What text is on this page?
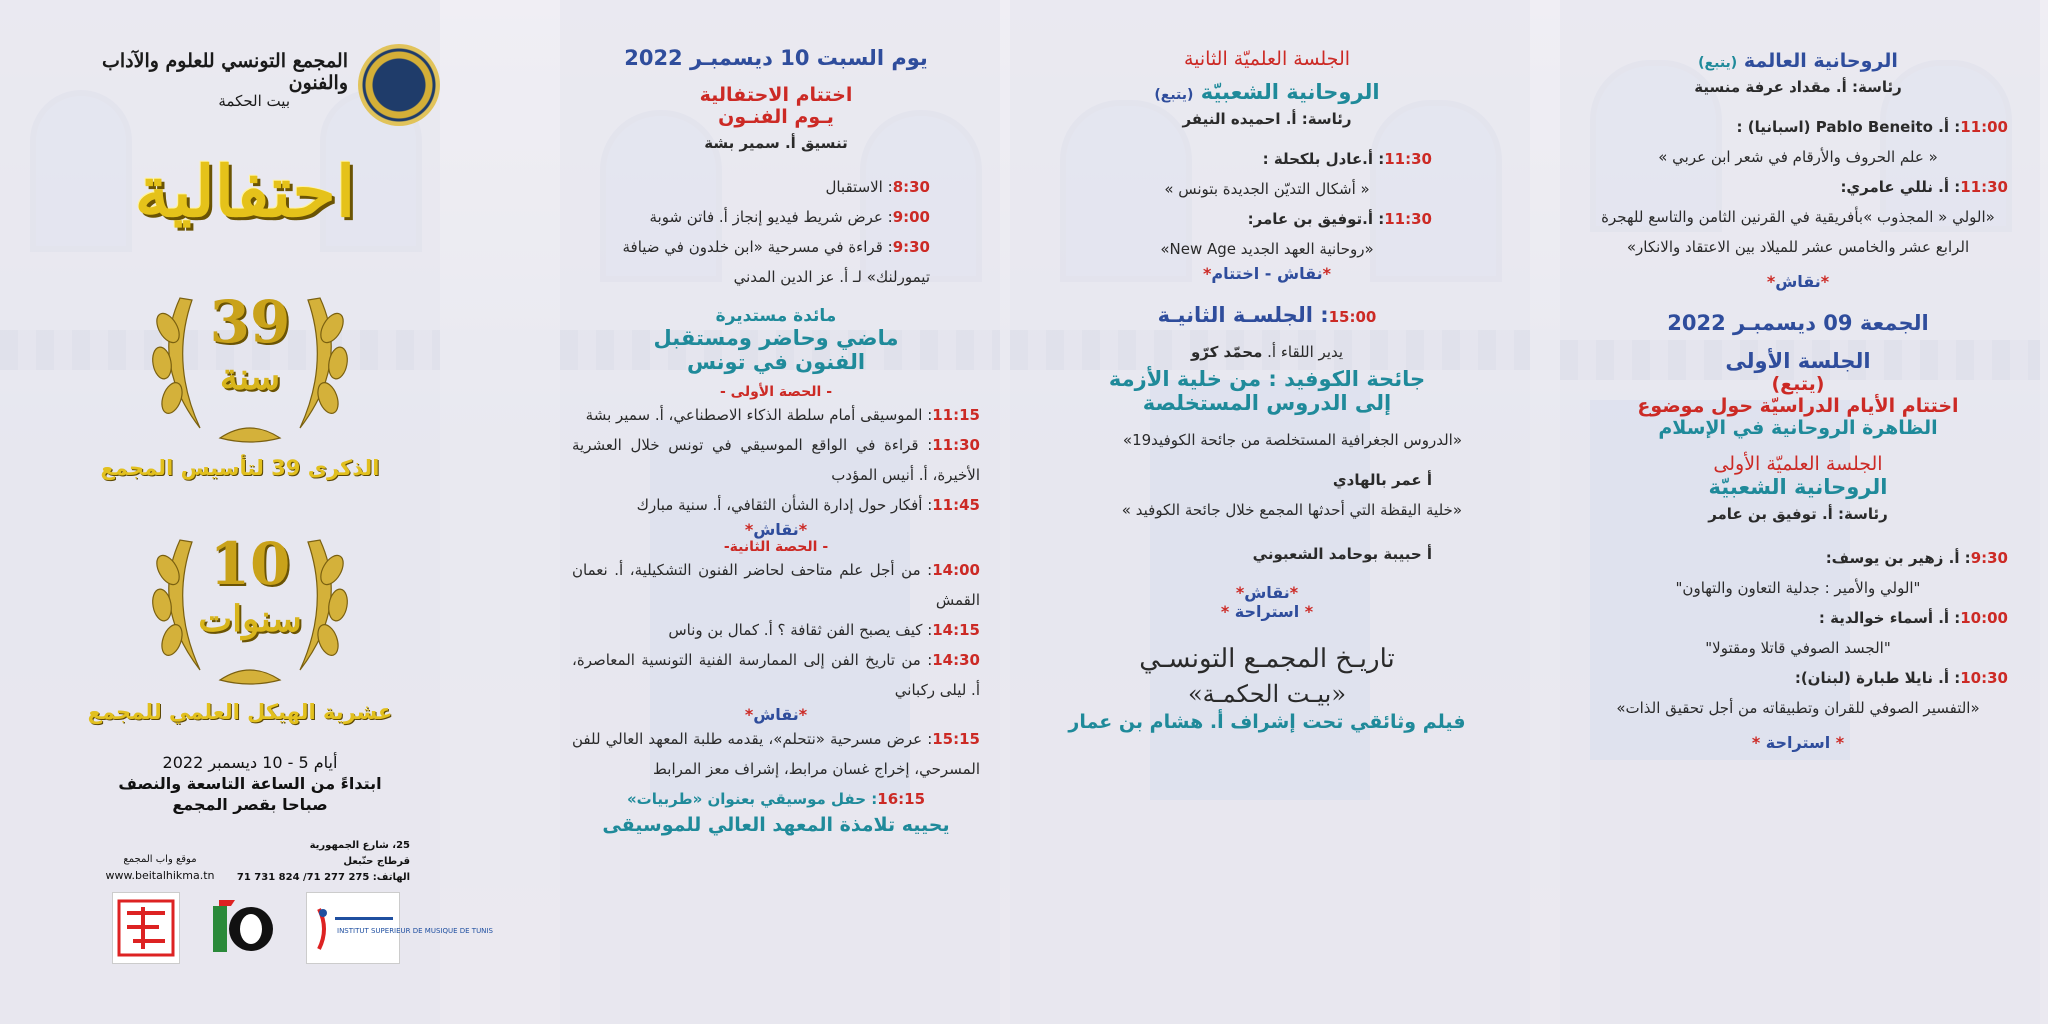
الروحانية العالمة (يتبع)
رئاسة: أ. مقداد عرفة منسية
11:00: أ. Pablo Beneito (اسبانيا) :
« علم الحروف والأرقام في شعر ابن عربي »
11:30: أ. نللي عامري:
«الولي « المجذوب »بأفريقية في القرنين الثامن والتاسع للهجرة الرابع عشر والخامس عشر للميلاد بين الاعتقاد والانكار»
*نقاش*
الجمعة 09 ديسمبـر 2022
الجلسة الأولى
(يتبع)
اختتام الأيام الدراسيّة حول موضوع
الظاهرة الروحانية في الإسلام
الجلسة العلميّة الأولى
الروحانية الشعبيّة
رئاسة: أ. توفيق بن عامر
9:30: أ. زهير بن يوسف:
"الولي والأمير : جدلية التعاون والتهاون"
10:00: أ. أسماء خوالدية :
"الجسد الصوفي قاتلا ومقتولا"
10:30: أ. نايلا طبارة (لبنان):
«التفسير الصوفي للقران وتطبيقاته من أجل تحقيق الذات»
* استراحة *
الجلسة العلميّة الثانية
الروحانية الشعبيّة (يتبع)
رئاسة: أ. احميده النيفر
11:30: أ.عادل بلكحلة :
« أشكال التديّن الجديدة بتونس »
11:30: أ.توفيق بن عامر:
«روحانية العهد الجديد New Age»
*نقاش - اختتام*
15:00: الجلسـة الثانيـة
يدير اللقاء أ. محمّد كرّو
جائحة الكوفيد : من خلية الأزمة
إلى الدروس المستخلصة
«الدروس الجغرافية المستخلصة من جائحة الكوفيد19»
أ عمر بالهادي
«خلية اليقظة التي أحدثها المجمع خلال جائحة الكوفيد »
أ حبيبة بوحامد الشعبوني
*نقاش*
* استراحة *
تاريـخ المجمـع التونسـي
«بيـت الحكمـة»
فيلم وثائقي تحت إشراف أ. هشام بن عمار
يوم السبت 10 ديسمبـر 2022
اختتام الاحتفالية
يـوم الفنـون
تنسيق أ. سمير بشة
8:30: الاستقبال
9:00: عرض شريط فيديو إنجاز أ. فاتن شوبة
9:30: قراءة في مسرحية «ابن خلدون في ضيافة تيمورلنك» لـ أ. عز الدين المدني
مائدة مستديرة
ماضي وحاضر ومستقبل
الفنون في تونس
- الحصة الأولى -
11:15: الموسيقى أمام سلطة الذكاء الاصطناعي، أ. سمير بشة
11:30: قراءة في الواقع الموسيقي في تونس خلال العشرية الأخيرة، أ. أنيس المؤدب
11:45: أفكار حول إدارة الشأن الثقافي، أ. سنية مبارك
*نقاش*
- الحصة الثانية-
14:00: من أجل علم متاحف لحاضر الفنون التشكيلية، أ. نعمان القمش
14:15: كيف يصبح الفن ثقافة ؟ أ. كمال بن وناس
14:30: من تاريخ الفن إلى الممارسة الفنية التونسية المعاصرة، أ. ليلى ركباني
*نقاش*
15:15: عرض مسرحية «نتحلم»، يقدمه طلبة المعهد العالي للفن المسرحي، إخراج غسان مرابط، إشراف معز المرابط
16:15: حفل موسيقي بعنوان «طربيات»
يحييه تلامذة المعهد العالي للموسيقى
المجمع التونسي للعلوم والآداب والفنون
بيت الحكمة
احتفالية
39
سنة
الذكرى 39 لتأسيس المجمع
10
سنوات
عشرية الهيكل العلمي للمجمع
أيام 5 - 10 ديسمبر 2022
ابتداءً من الساعة التاسعة والنصف
صباحا بقصر المجمع
25، شارع الجمهورية
قرطاج حنّبعل
الهاتف: 275 277 71/ 824 731 71
موقع واب المجمع
www.beitalhikma.tn
INSTITUT SUPERIEUR DE MUSIQUE DE TUNIS
